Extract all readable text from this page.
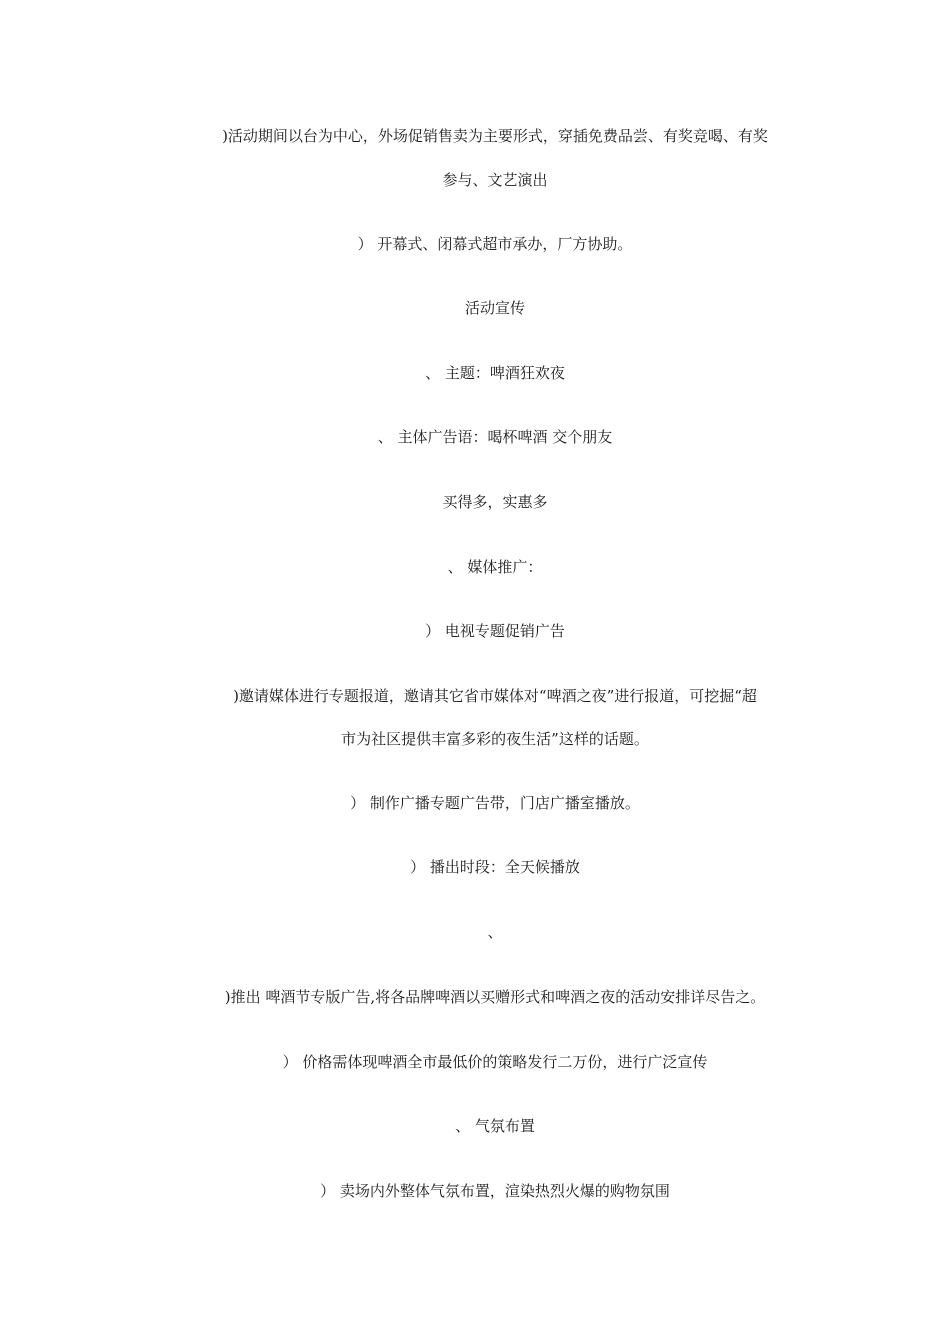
)活动期间以台为中心，外场促销售卖为主要形式，穿插免费品尝、有奖竞喝、有奖
参与、文艺演出
） 开幕式、闭幕式超市承办，厂方协助。
活动宣传
、 主题：啤酒狂欢夜
、 主体广告语：喝杯啤酒 交个朋友
买得多，实惠多
、 媒体推广：
） 电视专题促销广告
)邀请媒体进行专题报道，邀请其它省市媒体对“啤酒之夜”进行报道，可挖掘“超
市为社区提供丰富多彩的夜生活”这样的话题。
） 制作广播专题广告带，门店广播室播放。
） 播出时段：全天候播放
、
)推出 啤酒节专版广告,将各品牌啤酒以买赠形式和啤酒之夜的活动安排详尽告之。
） 价格需体现啤酒全市最低价的策略发行二万份，进行广泛宣传
、 气氛布置
） 卖场内外整体气氛布置，渲染热烈火爆的购物氛围
